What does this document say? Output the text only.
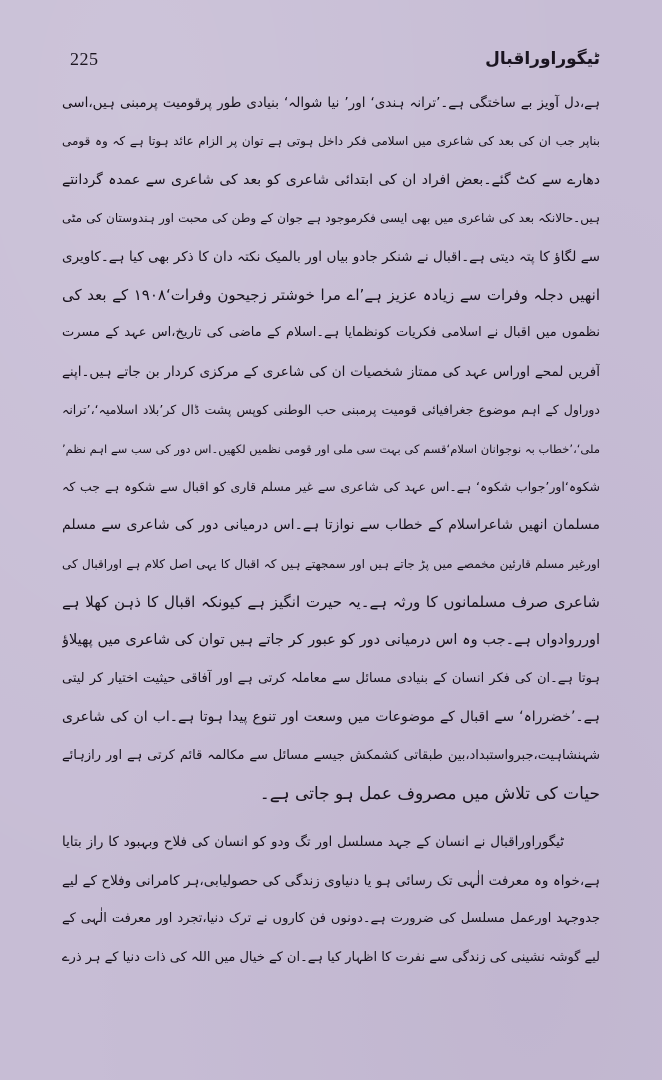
225	ٹیگوراوراقبال
ہے،دل آویز بے ساختگی ہے۔’ترانہ ہندی‘ اور’ نیا شوالہ‘ بنیادی طور پرقومیت پرمبنی ہیں،اسی
بناپر جب ان کی بعد کی شاعری میں اسلامی فکر داخل ہوتی ہے توان پر الزام عائد ہوتا ہے کہ وہ قومی
دھارے سے کٹ گئے۔بعض افراد ان کی ابتدائی شاعری کو بعد کی شاعری سے عمدہ گردانتے
ہیں۔حالانکہ بعد کی شاعری میں بھی ایسی فکرموجود ہے جوان کے وطن کی محبت اور ہندوستان کی مٹی
سے لگاؤ کا پتہ دیتی ہے۔اقبال نے شنکر جادو بیاں اور بالمیک نکتہ دان کا ذکر بھی کیا ہے۔کاویری
انھیں دجلہ وفرات سے زیادہ عزیز ہے’اے مرا خوشتر زجیحون وفرات‘۱۹۰۸ کے بعد کی
نظموں میں اقبال نے اسلامی فکریات کونظمایا ہے۔اسلام کے ماضی کی تاریخ،اس عہد کے مسرت
آفریں لمحے اوراس عہد کی ممتاز شخصیات ان کی شاعری کے مرکزی کردار بن جاتے ہیں۔اپنے
دوراول کے اہم موضوع جغرافیائی قومیت پرمبنی حب الوطنی کوپس پشت ڈال کر’بلاد اسلامیہ‘،’ترانہ
ملی‘،’خطاب بہ نوجوانان اسلام‘قسم کی بہت سی ملی اور قومی نظمیں لکھیں۔اس دور کی سب سے اہم نظم’
شکوہ‘اور’جواب شکوہ‘ ہے۔اس عہد کی شاعری سے غیر مسلم قاری کو اقبال سے شکوہ ہے جب کہ
مسلمان انھیں شاعراسلام کے خطاب سے نوازتا ہے۔اس درمیانی دور کی شاعری سے مسلم
اورغیر مسلم قارئین مخمصے میں پڑ جاتے ہیں اور سمجھتے ہیں کہ اقبال کا یہی اصل کلام ہے اوراقبال کی
شاعری صرف مسلمانوں کا ورثہ ہے۔یہ حیرت انگیز ہے کیونکہ اقبال کا ذہن کھلا ہے
اورروادواں ہے۔جب وہ اس درمیانی دور کو عبور کر جاتے ہیں توان کی شاعری میں پھیلاؤ
ہوتا ہے۔ان کی فکر انسان کے بنیادی مسائل سے معاملہ کرتی ہے اور آفاقی حیثیت اختیار کر لیتی
ہے۔’خضرراہ‘ سے اقبال کے موضوعات میں وسعت اور تنوع پیدا ہوتا ہے۔اب ان کی شاعری
شہنشاہیت،جبرواستبداد،بین طبقاتی کشمکش جیسے مسائل سے مکالمہ قائم کرتی ہے اور رازہائے
حیات کی تلاش میں مصروف عمل ہو جاتی ہے۔
ٹیگوراوراقبال نے انسان کے جہد مسلسل اور تگ ودو کو انسان کی فلاح وبہبود کا راز بتایا
ہے،خواہ وہ معرفت الٰہی تک رسائی ہو یا دنیاوی زندگی کی حصولیابی،ہر کامرانی وفلاح کے لیے
جدوجہد اورعمل مسلسل کی ضرورت ہے۔دونوں فن کاروں نے ترک دنیا،تجرد اور معرفت الٰہی کے
لیے گوشہ نشینی کی زندگی سے نفرت کا اظہار کیا ہے۔ان کے خیال میں اللہ کی ذات دنیا کے ہر ذرے
